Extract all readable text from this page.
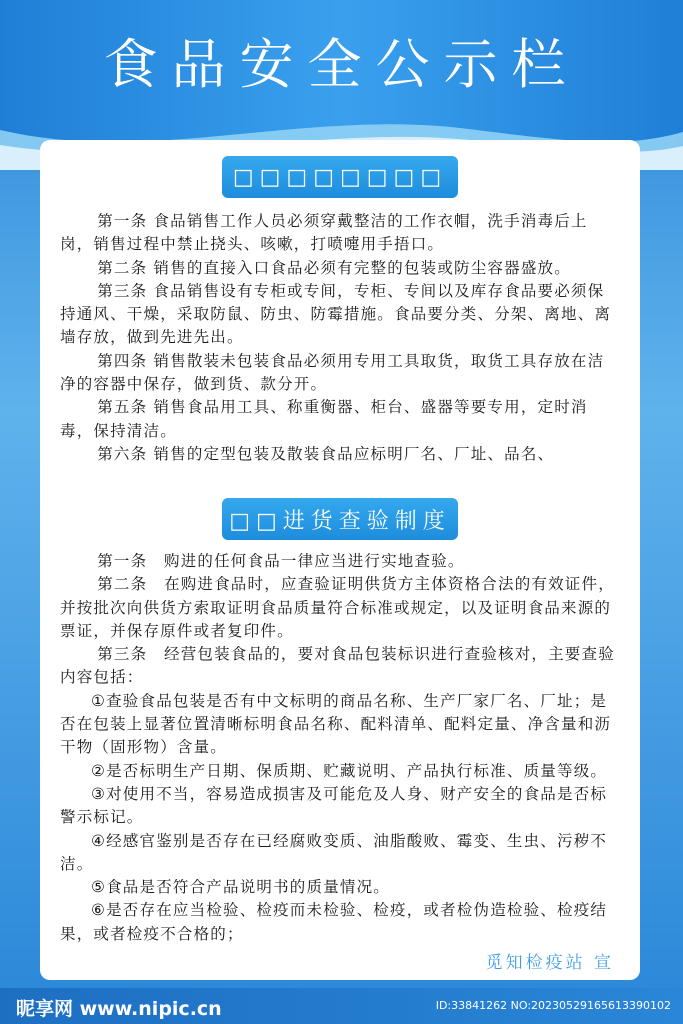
食品安全公示栏
□□□□□□□□

第一条 食品销售工作人员必须穿戴整洁的工作衣帽，洗手消毒后上岗，销售过程中禁止挠头、咳嗽，打喷嚏用手捂口。

第二条 销售的直接入口食品必须有完整的包装或防尘容器盛放。

第三条 食品销售设有专柜或专间，专柜、专间以及库存食品要必须保持通风、干燥，采取防鼠、防虫、防霉措施。食品要分类、分架、离地、离墙存放，做到先进先出。

第四条 销售散装未包装食品必须用专用工具取货，取货工具存放在洁净的容器中保存，做到货、款分开。

第五条 销售食品用工具、称重衡器、柜台、盛器等要专用，定时消毒，保持清洁。

第六条 销售的定型包装及散装食品应标明厂名、厂址、品名、

□□进货查验制度

第一条　购进的任何食品一律应当进行实地查验。

第二条　在购进食品时，应查验证明供货方主体资格合法的有效证件，并按批次向供货方索取证明食品质量符合标准或规定，以及证明食品来源的票证，并保存原件或者复印件。

第三条　经营包装食品的，要对食品包装标识进行查验核对，主要查验内容包括：

①查验食品包装是否有中文标明的商品名称、生产厂家厂名、厂址；是否在包装上显著位置清晰标明食品名称、配料清单、配料定量、净含量和沥干物（固形物）含量。

②是否标明生产日期、保质期、贮藏说明、产品执行标准、质量等级。

③对使用不当，容易造成损害及可能危及人身、财产安全的食品是否标警示标记。

④经感官鉴别是否存在已经腐败变质、油脂酸败、霉变、生虫、污秽不洁。

⑤食品是否符合产品说明书的质量情况。

⑥是否存在应当检验、检疫而未检验、检疫，或者检伪造检验、检疫结果，或者检疫不合格的；

觅知检疫站 宣
昵享网 www.nipic.cn	ID:33841262 NO:20230529165613390102
